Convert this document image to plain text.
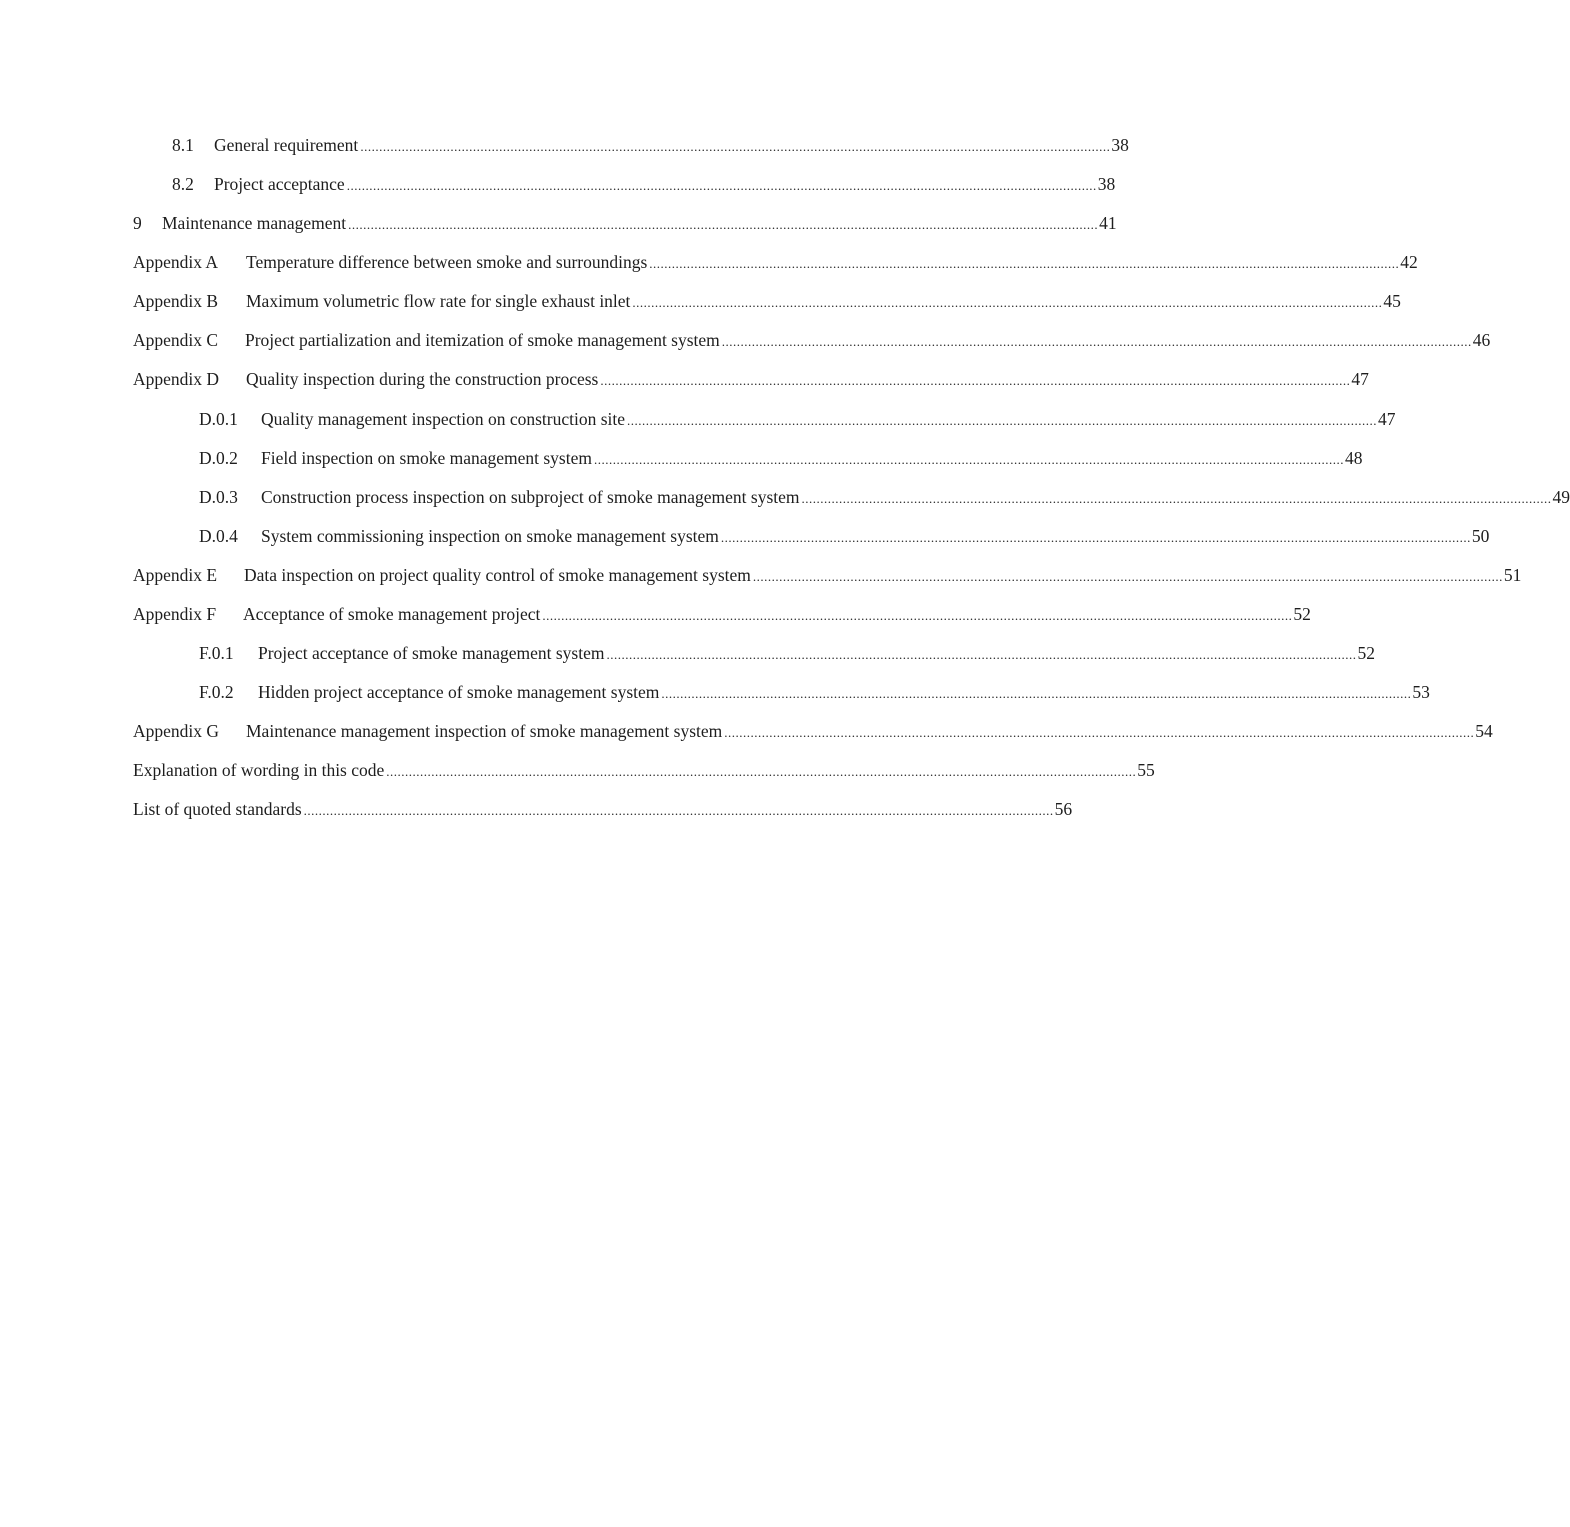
8.1	General requirement ........................................................................................................................................................................................................ 38
8.2	Project acceptance ........................................................................................................................................................................................................ 38
9	Maintenance management ........................................................................................................................................................................................................ 41
Appendix A	Temperature difference between smoke and surroundings ........................................................................................................................................................................................................ 42
Appendix B	Maximum volumetric flow rate for single exhaust inlet ........................................................................................................................................................................................................ 45
Appendix C	Project partialization and itemization of smoke management system ........................................................................................................................................................................................................ 46
Appendix D	Quality inspection during the construction process ........................................................................................................................................................................................................ 47
D.0.1	Quality management inspection on construction site ........................................................................................................................................................................................................ 47
D.0.2	Field inspection on smoke management system ........................................................................................................................................................................................................ 48
D.0.3	Construction process inspection on subproject of smoke management system ........................................................................................................................................................................................................ 49
D.0.4	System commissioning inspection on smoke management system ........................................................................................................................................................................................................ 50
Appendix E	Data inspection on project quality control of smoke management system ........................................................................................................................................................................................................ 51
Appendix F	Acceptance of smoke management project ........................................................................................................................................................................................................ 52
F.0.1	Project acceptance of smoke management system ........................................................................................................................................................................................................ 52
F.0.2	Hidden project acceptance of smoke management system ........................................................................................................................................................................................................ 53
Appendix G	Maintenance management inspection of smoke management system ........................................................................................................................................................................................................ 54
Explanation of wording in this code ........................................................................................................................................................................................................ 55
List of quoted standards ........................................................................................................................................................................................................ 56
